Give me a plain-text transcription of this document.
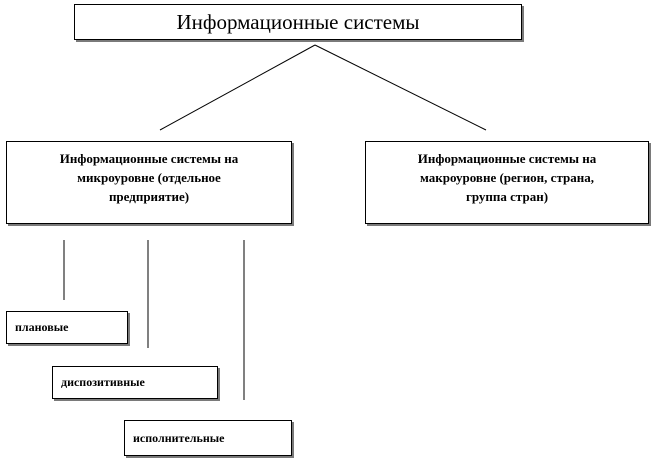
Информационные системы
Информационные системы на
микроуровне (отдельное
предприятие)
Информационные системы на
макроуровне (регион, страна,
группа стран)
плановые
диспозитивные
исполнительные
